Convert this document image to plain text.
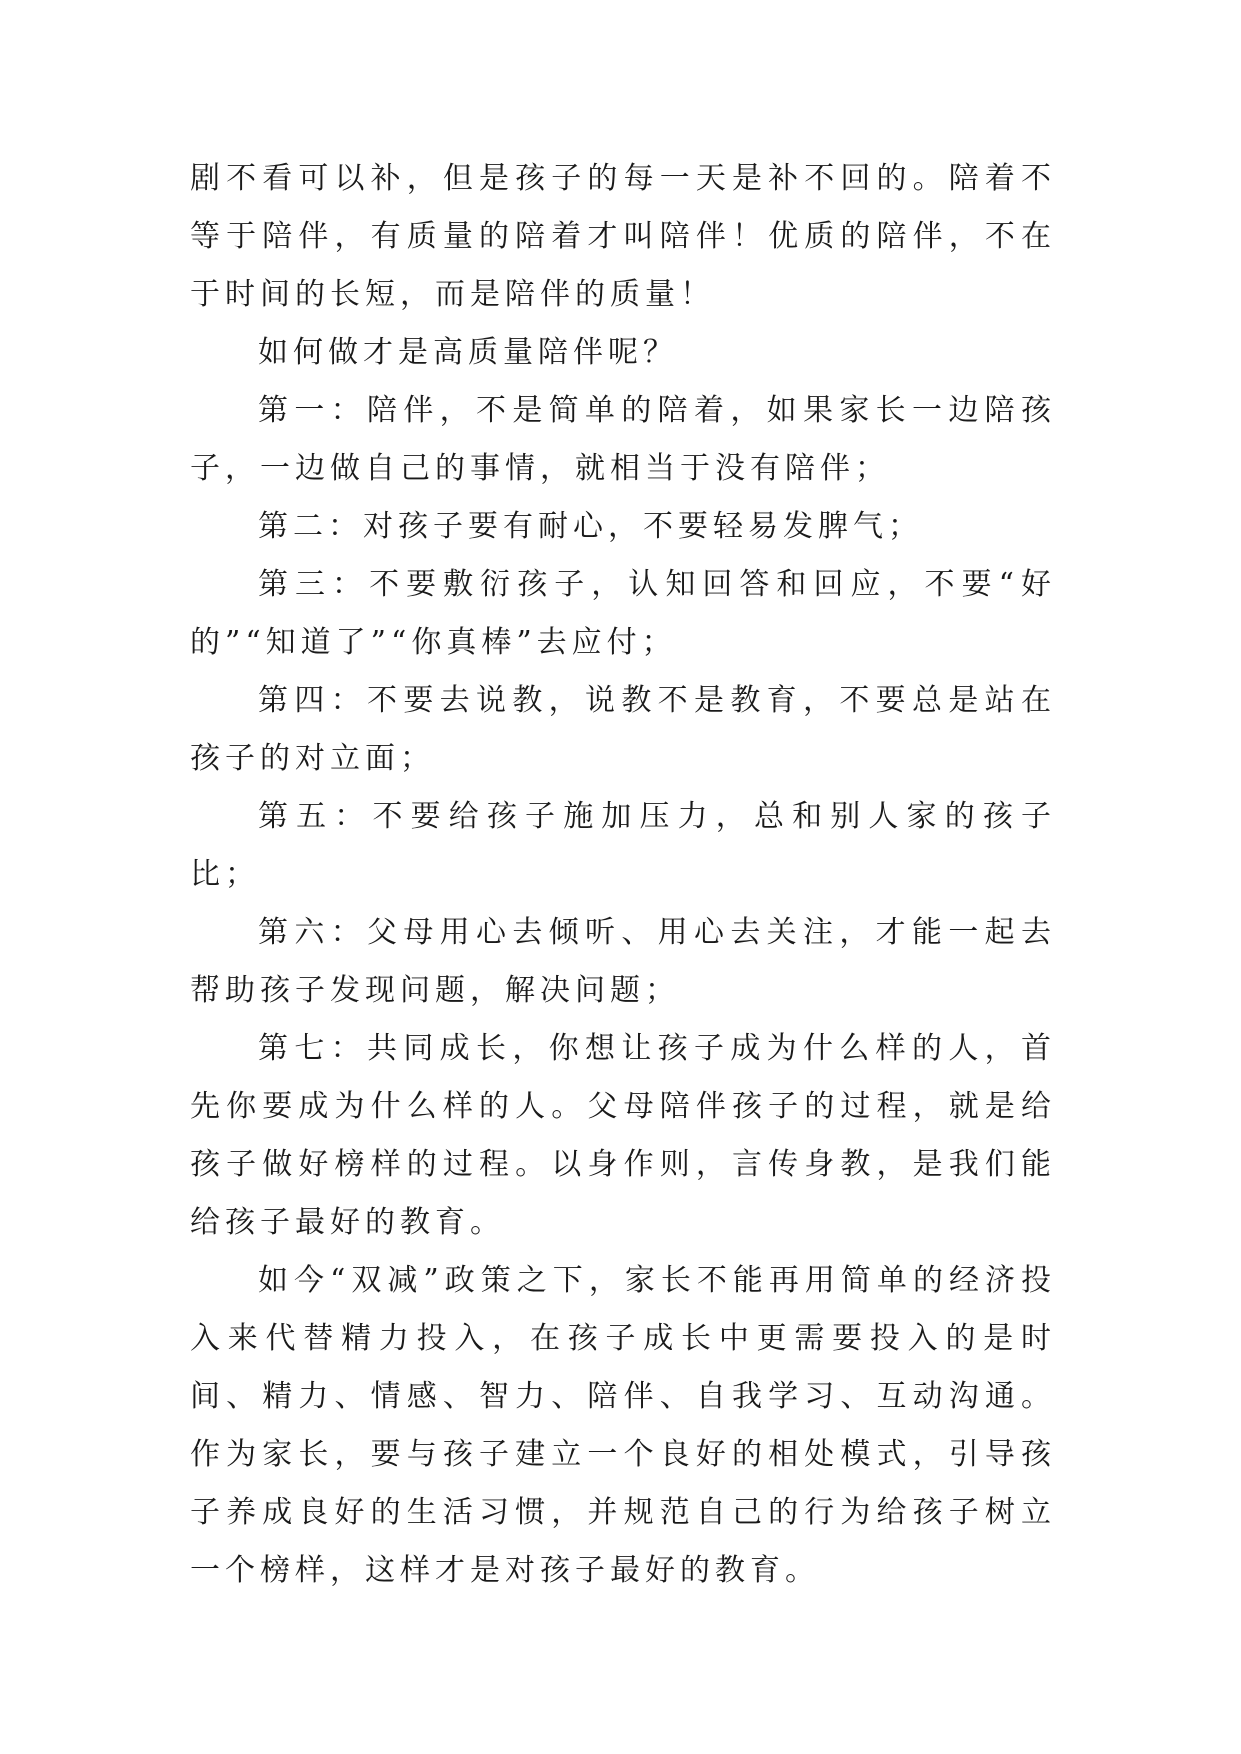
剧不看可以补，但是孩子的每一天是补不回的。陪着不等于陪伴，有质量的陪着才叫陪伴！优质的陪伴，不在于时间的长短，而是陪伴的质量！

如何做才是高质量陪伴呢？

第一：陪伴，不是简单的陪着，如果家长一边陪孩子，一边做自己的事情，就相当于没有陪伴；

第二：对孩子要有耐心，不要轻易发脾气；

第三：不要敷衍孩子，认知回答和回应，不要“好的”“知道了”“你真棒”去应付；

第四：不要去说教，说教不是教育，不要总是站在孩子的对立面；

第五：不要给孩子施加压力，总和别人家的孩子比；

第六：父母用心去倾听、用心去关注，才能一起去帮助孩子发现问题，解决问题；

第七：共同成长，你想让孩子成为什么样的人，首先你要成为什么样的人。父母陪伴孩子的过程，就是给孩子做好榜样的过程。以身作则，言传身教，是我们能给孩子最好的教育。

如今“双减”政策之下，家长不能再用简单的经济投入来代替精力投入，在孩子成长中更需要投入的是时间、精力、情感、智力、陪伴、自我学习、互动沟通。作为家长，要与孩子建立一个良好的相处模式，引导孩子养成良好的生活习惯，并规范自己的行为给孩子树立一个榜样，这样才是对孩子最好的教育。
